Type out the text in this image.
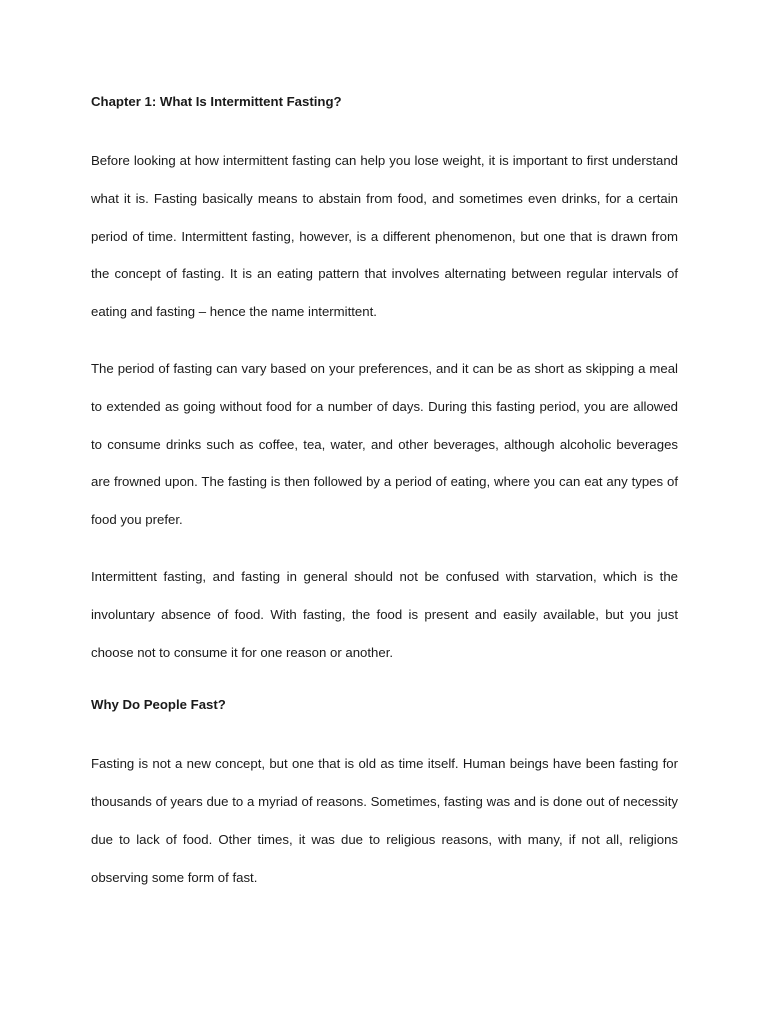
Chapter 1: What Is Intermittent Fasting?

Before looking at how intermittent fasting can help you lose weight, it is important to first understand what it is. Fasting basically means to abstain from food, and sometimes even drinks, for a certain period of time. Intermittent fasting, however, is a different phenomenon, but one that is drawn from the concept of fasting. It is an eating pattern that involves alternating between regular intervals of eating and fasting – hence the name intermittent.

The period of fasting can vary based on your preferences, and it can be as short as skipping a meal to extended as going without food for a number of days. During this fasting period, you are allowed to consume drinks such as coffee, tea, water, and other beverages, although alcoholic beverages are frowned upon. The fasting is then followed by a period of eating, where you can eat any types of food you prefer.

Intermittent fasting, and fasting in general should not be confused with starvation, which is the involuntary absence of food. With fasting, the food is present and easily available, but you just choose not to consume it for one reason or another.

Why Do People Fast?

Fasting is not a new concept, but one that is old as time itself. Human beings have been fasting for thousands of years due to a myriad of reasons. Sometimes, fasting was and is done out of necessity due to lack of food. Other times, it was due to religious reasons, with many, if not all, religions observing some form of fast.
